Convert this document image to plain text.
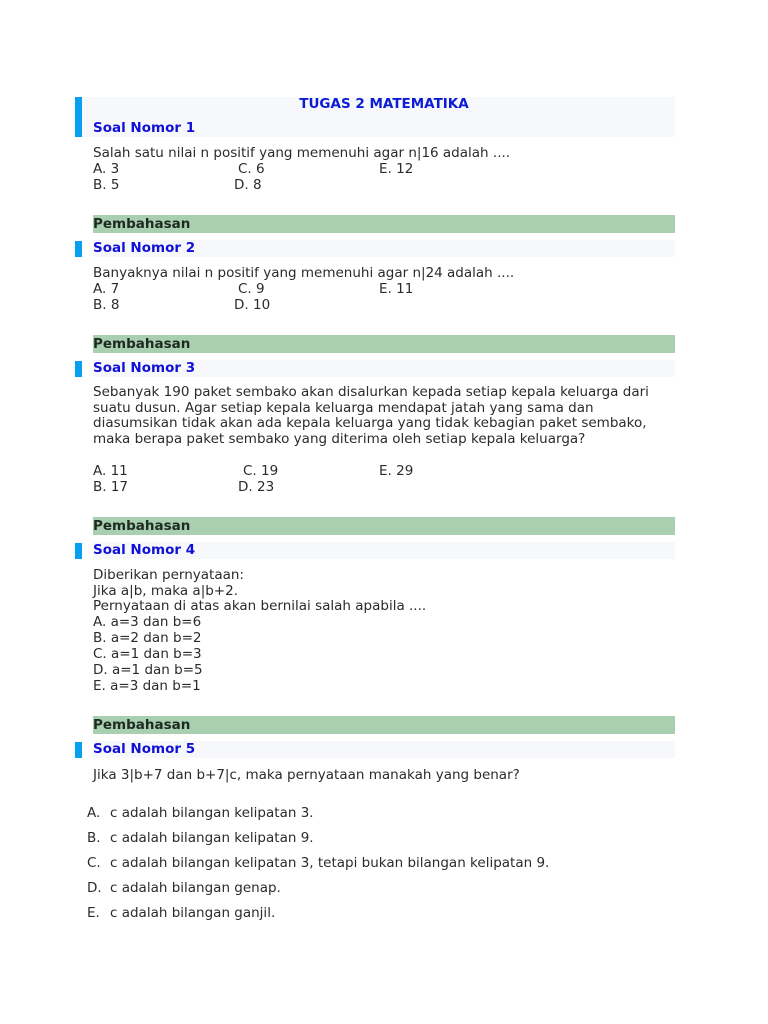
TUGAS 2 MATEMATIKA
Soal Nomor 1
Salah satu nilai n positif yang memenuhi agar n|16 adalah ....
A. 3	C. 6	E. 12
B. 5	D. 8
Pembahasan
Soal Nomor 2
Banyaknya nilai n positif yang memenuhi agar n|24 adalah ....
A. 7	C. 9	E. 11
B. 8	D. 10
Pembahasan
Soal Nomor 3
Sebanyak 190 paket sembako akan disalurkan kepada setiap kepala keluarga dari suatu dusun. Agar setiap kepala keluarga mendapat jatah yang sama dan diasumsikan tidak akan ada kepala keluarga yang tidak kebagian paket sembako, maka berapa paket sembako yang diterima oleh setiap kepala keluarga?
A. 11	C. 19	E. 29
B. 17	D. 23
Pembahasan
Soal Nomor 4
Diberikan pernyataan:
Jika a|b, maka a|b+2.
Pernyataan di atas akan bernilai salah apabila ....
A. a=3 dan b=6
B. a=2 dan b=2
C. a=1 dan b=3
D. a=1 dan b=5
E. a=3 dan b=1
Pembahasan
Soal Nomor 5
Jika 3|b+7 dan b+7|c, maka pernyataan manakah yang benar?
A. c adalah bilangan kelipatan 3.
B. c adalah bilangan kelipatan 9.
C. c adalah bilangan kelipatan 3, tetapi bukan bilangan kelipatan 9.
D. c adalah bilangan genap.
E. c adalah bilangan ganjil.
